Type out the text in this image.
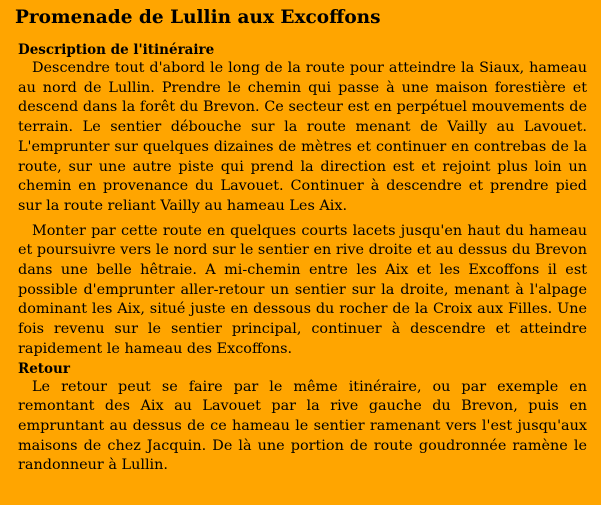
Promenade de Lullin aux Excoffons
Description de l'itinéraire

Descendre tout d'abord le long de la route pour atteindre la Siaux, hameau au nord de Lullin. Prendre le chemin qui passe à une maison forestière et descend dans la forêt du Brevon. Ce secteur est en perpétuel mouvements de terrain. Le sentier débouche sur la route menant de Vailly au Lavouet. L'emprunter sur quelques dizaines de mètres et continuer en contrebas de la route, sur une autre piste qui prend la direction est et rejoint plus loin un chemin en provenance du Lavouet. Continuer à descendre et prendre pied sur la route reliant Vailly au hameau Les Aix.

Monter par cette route en quelques courts lacets jusqu'en haut du hameau et poursuivre vers le nord sur le sentier en rive droite et au dessus du Brevon dans une belle hêtraie. A mi-chemin entre les Aix et les Excoffons il est possible d'emprunter aller-retour un sentier sur la droite, menant à l'alpage dominant les Aix, situé juste en dessous du rocher de la Croix aux Filles. Une fois revenu sur le sentier principal, continuer à descendre et atteindre rapidement le hameau des Excoffons.

Retour

Le retour peut se faire par le même itinéraire, ou par exemple en remontant des Aix au Lavouet par la rive gauche du Brevon, puis en empruntant au dessus de ce hameau le sentier ramenant vers l'est jusqu'aux maisons de chez Jacquin. De là une portion de route goudronnée ramène le randonneur à Lullin.
